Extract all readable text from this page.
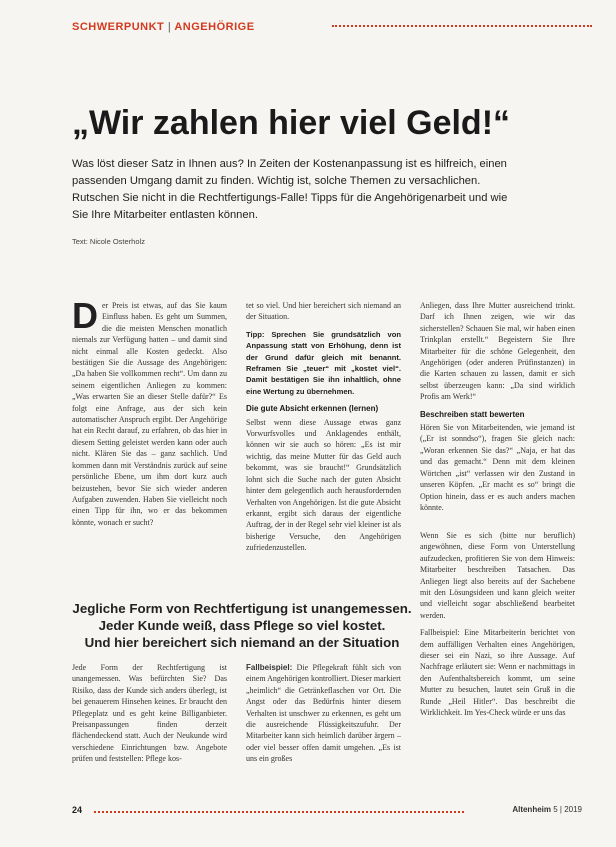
SCHWERPUNKT | ANGEHÖRIGE
„Wir zahlen hier viel Geld!“
Was löst dieser Satz in Ihnen aus? In Zeiten der Kostenanpassung ist es hilfreich, einen passenden Umgang damit zu finden. Wichtig ist, solche Themen zu versachlichen. Rutschen Sie nicht in die Rechtfertigungs-Falle! Tipps für die Angehörigenarbeit und wie Sie Ihre Mitarbeiter entlasten können.
Text: Nicole Osterholz
D er Preis ist etwas, auf das Sie kaum Einfluss haben. Es geht um Summen, die die meisten Menschen monatlich niemals zur Verfügung hatten – und damit sind nicht einmal alle Kosten gedeckt. Also bestätigen Sie die Aussage des Angehörigen: „Da haben Sie vollkommen recht“. Um dann zu seinem eigentlichen Anliegen zu kommen: „Was erwarten Sie an dieser Stelle dafür?“ Es folgt eine Anfrage, aus der sich kein automatischer Anspruch ergibt. Der Angehörige hat ein Recht darauf, zu erfahren, ob das hier in diesem Setting geleistet werden kann oder auch nicht. Klären Sie das – ganz sachlich. Und kommen dann mit Verständnis zurück auf seine persönliche Ebene, um ihm dort kurz auch beizustehen, bevor Sie sich wieder anderen Aufgaben zuwenden. Haben Sie vielleicht noch einen Tipp für ihn, wo er das bekommen könnte, wonach er sucht?

tet so viel. Und hier bereichert sich niemand an der Situation.

Tipp: Sprechen Sie grundsätzlich von Anpassung statt von Erhöhung, denn ist der Grund dafür gleich mit benannt. Reframen Sie „teuer“ mit „kostet viel“. Damit bestätigen Sie ihn inhaltlich, ohne eine Wertung zu übernehmen.

Die gute Absicht erkennen (lernen)

Selbst wenn diese Aussage etwas ganz Vorwurfsvolles und Anklagendes enthält, können wir sie auch so hören: „Es ist mir wichtig, das meine Mutter für das Geld auch bekommt, was sie braucht!“ Grundsätzlich lohnt sich die Suche nach der guten Absicht hinter dem gelegentlich auch herausfordernden Verhalten von Angehörigen. Ist die gute Absicht erkannt, ergibt sich daraus der eigentliche Auftrag, der in der Regel sehr viel kleiner ist als bisherige Versuche, den Angehörigen zufriedenzustellen.

Anliegen, dass Ihre Mutter ausreichend trinkt. Darf ich Ihnen zeigen, wie wir das sicherstellen? Schauen Sie mal, wir haben einen Trinkplan erstellt.“ Begeistern Sie Ihre Mitarbeiter für die schöne Gelegenheit, den Angehörigen (oder anderen Prüfinstanzen) in die Karten schauen zu lassen, damit er sich selbst überzeugen kann: „Da sind wirklich Profis am Werk!“

Beschreiben statt bewerten

Hören Sie von Mitarbeitenden, wie jemand ist („Er ist sonndso“), fragen Sie gleich nach: „Woran erkennen Sie das?“ „Naja, er hat das und das gemacht.“ Denn mit dem kleinen Wörtchen „ist“ verlassen wir den Zustand in unseren Köpfen. „Er macht es so“ bringt die Option hinein, dass er es auch anders machen könnte.

Wenn Sie es sich (bitte nur beruflich) angewöhnen, diese Form von Unterstellung aufzudecken, profitieren Sie von dem Hinweis: Mitarbeiter beschreiben Tatsachen. Das Anliegen liegt also bereits auf der Sachebene mit den Lösungsideen und kann gleich weiter und vielleicht sogar abschließend bearbeitet werden.

Fallbeispiel: Eine Mitarbeiterin berichtet von dem auffälligen Verhalten eines Angehörigen, dieser sei ein Nazi, so ihre Aussage. Auf Nachfrage erläutert sie: Wenn er nachmittags in den Aufenthaltsbereich kommt, um seine Mutter zu besuchen, lautet sein Gruß in die Runde „Heil Hitler“. Das beschreibt die Wirklichkeit. Im Yes-Check würde er uns das

Jegliche Form von Rechtfertigung ist unangemessen.
Jeder Kunde weiß, dass Pflege so viel kostet.
Und hier bereichert sich niemand an der Situation

Jede Form der Rechtfertigung ist unangemessen. Was befürchten Sie? Das Risiko, dass der Kunde sich anders überlegt, ist bei genauerem Hinsehen keines. Er braucht den Pflegeplatz und es geht keine Billiganbieter. Preisanpassungen finden derzeit flächendeckend statt. Auch der Neukunde wird verschiedene Einrichtungen bzw. Angebote prüfen und feststellen: Pflege kos-

Fallbeispiel: Die Pflegekraft fühlt sich von einem Angehörigen kontrolliert. Dieser markiert „heimlich“ die Getränkeflaschen vor Ort. Die Angst oder das Bedürfnis hinter diesem Verhalten ist unschwer zu erkennen, es geht um die ausreichende Flüssigkeitszufuhr. Der Mitarbeiter kann sich heimlich darüber ärgern – oder viel besser offen damit umgehen. „Es ist uns ein großes

24	Altenheim 5 | 2019
